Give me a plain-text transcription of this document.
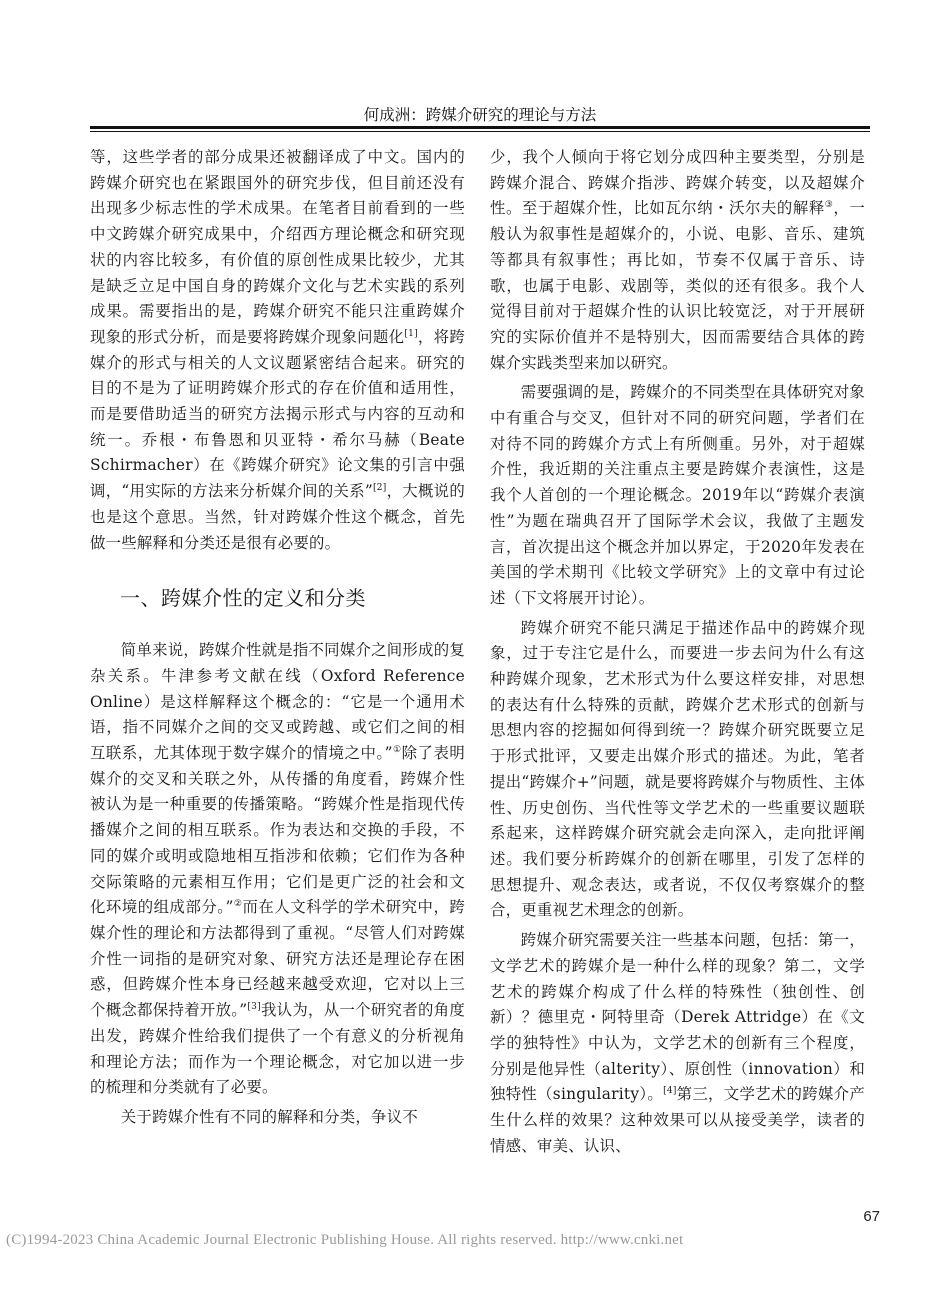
何成洲：跨媒介研究的理论与方法

等，这些学者的部分成果还被翻译成了中文。国内的跨媒介研究也在紧跟国外的研究步伐，但目前还没有出现多少标志性的学术成果。在笔者目前看到的一些中文跨媒介研究成果中，介绍西方理论概念和研究现状的内容比较多，有价值的原创性成果比较少，尤其是缺乏立足中国自身的跨媒介文化与艺术实践的系列成果。需要指出的是，跨媒介研究不能只注重跨媒介现象的形式分析，而是要将跨媒介现象问题化[1]，将跨媒介的形式与相关的人文议题紧密结合起来。研究的目的不是为了证明跨媒介形式的存在价值和适用性，而是要借助适当的研究方法揭示形式与内容的互动和统一。乔根・布鲁恩和贝亚特・希尔马赫（Beate Schirmacher）在《跨媒介研究》论文集的引言中强调，“用实际的方法来分析媒介间的关系”[2]，大概说的也是这个意思。当然，针对跨媒介性这个概念，首先做一些解释和分类还是很有必要的。

一、跨媒介性的定义和分类

简单来说，跨媒介性就是指不同媒介之间形成的复杂关系。牛津参考文献在线（Oxford Reference Online）是这样解释这个概念的：“它是一个通用术语，指不同媒介之间的交叉或跨越、或它们之间的相互联系，尤其体现于数字媒介的情境之中。”①除了表明媒介的交叉和关联之外，从传播的角度看，跨媒介性被认为是一种重要的传播策略。“跨媒介性是指现代传播媒介之间的相互联系。作为表达和交换的手段，不同的媒介或明或隐地相互指涉和依赖；它们作为各种交际策略的元素相互作用；它们是更广泛的社会和文化环境的组成部分。”②而在人文科学的学术研究中，跨媒介性的理论和方法都得到了重视。“尽管人们对跨媒介性一词指的是研究对象、研究方法还是理论存在困惑，但跨媒介性本身已经越来越受欢迎，它对以上三个概念都保持着开放。”[3]我认为，从一个研究者的角度出发，跨媒介性给我们提供了一个有意义的分析视角和理论方法；而作为一个理论概念，对它加以进一步的梳理和分类就有了必要。

关于跨媒介性有不同的解释和分类，争议不

少，我个人倾向于将它划分成四种主要类型，分别是跨媒介混合、跨媒介指涉、跨媒介转变，以及超媒介性。至于超媒介性，比如瓦尔纳・沃尔夫的解释③，一般认为叙事性是超媒介的，小说、电影、音乐、建筑等都具有叙事性；再比如，节奏不仅属于音乐、诗歌，也属于电影、戏剧等，类似的还有很多。我个人觉得目前对于超媒介性的认识比较宽泛，对于开展研究的实际价值并不是特别大，因而需要结合具体的跨媒介实践类型来加以研究。

需要强调的是，跨媒介的不同类型在具体研究对象中有重合与交叉，但针对不同的研究问题，学者们在对待不同的跨媒介方式上有所侧重。另外，对于超媒介性，我近期的关注重点主要是跨媒介表演性，这是我个人首创的一个理论概念。2019年以“跨媒介表演性”为题在瑞典召开了国际学术会议，我做了主题发言，首次提出这个概念并加以界定，于2020年发表在美国的学术期刊《比较文学研究》上的文章中有过论述（下文将展开讨论）。

跨媒介研究不能只满足于描述作品中的跨媒介现象，过于专注它是什么，而要进一步去问为什么有这种跨媒介现象，艺术形式为什么要这样安排，对思想的表达有什么特殊的贡献，跨媒介艺术形式的创新与思想内容的挖掘如何得到统一？跨媒介研究既要立足于形式批评，又要走出媒介形式的描述。为此，笔者提出“跨媒介+”问题，就是要将跨媒介与物质性、主体性、历史创伤、当代性等文学艺术的一些重要议题联系起来，这样跨媒介研究就会走向深入，走向批评阐述。我们要分析跨媒介的创新在哪里，引发了怎样的思想提升、观念表达，或者说，不仅仅考察媒介的整合，更重视艺术理念的创新。

跨媒介研究需要关注一些基本问题，包括：第一，文学艺术的跨媒介是一种什么样的现象？第二，文学艺术的跨媒介构成了什么样的特殊性（独创性、创新）？德里克・阿特里奇（Derek Attridge）在《文学的独特性》中认为，文学艺术的创新有三个程度，分别是他异性（alterity）、原创性（innovation）和独特性（singularity）。[4]第三，文学艺术的跨媒介产生什么样的效果？这种效果可以从接受美学，读者的情感、审美、认识、

67
(C)1994-2023 China Academic Journal Electronic Publishing House. All rights reserved. http://www.cnki.net
